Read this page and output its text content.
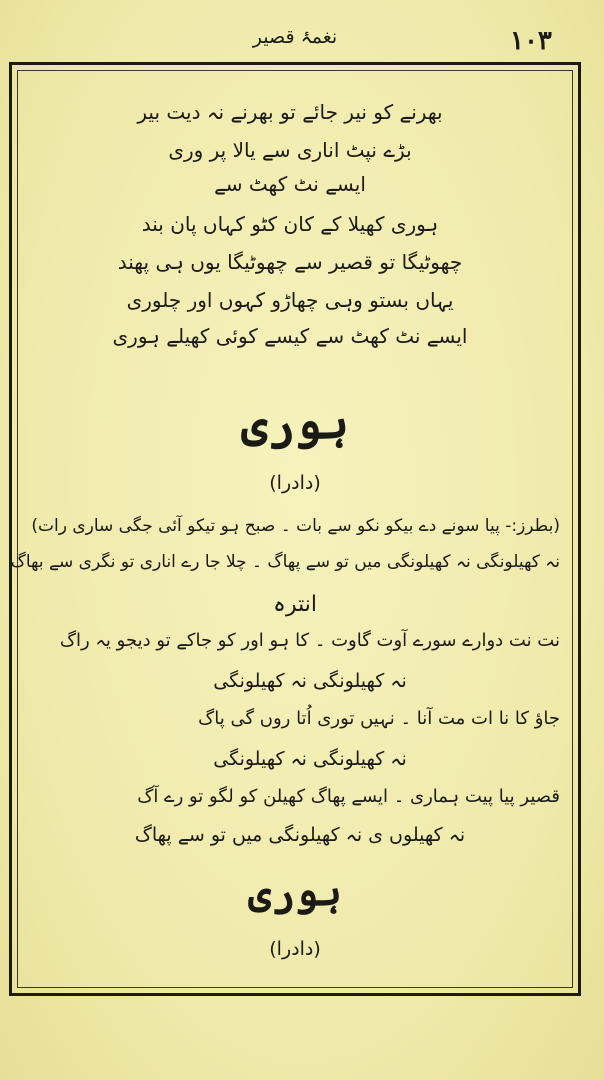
نغمۂ قصیر	١٠٣
بھرنے کو نیر جائے تو بھرنے نہ دیت بیر
بڑے نپٹ اناری سے یالا پر وری
ایسے نٹ کھٹ سے
ہوری کھیلا کے کان کٹو کہاں پان بند
چھوٹیگا تو قصیر سے چھوٹیگا یوں ہی پھند
یہاں بستو وہی چھاڑو کہوں اور چلوری
ایسے نٹ کھٹ سے کیسے کوئی کھیلے ہوری
ہوری
(دادرا)
(بطرز:- پیا سونے دے بیکو نکو سے بات ۔ صبح ہو تیکو آئی جگی ساری رات)
نہ کھیلونگی نہ کھیلونگی میں تو سے پھاگ ۔ چلا جا رے اناری تو نگری سے بھاگ
انترہ
نت نت دوارے سورے آوت گاوت ۔ کا ہو اور کو جاکے تو دیجو یہ راگ
نہ کھیلونگی نہ کھیلونگی
جاؤ کا نا ات مت آنا ۔ نہیں توری اُتا روں گی پاگ
نہ کھیلونگی نہ کھیلونگی
قصیر پیا پیت ہماری ۔ ایسے پھاگ کھیلن کو لگو تو رے آگ
نہ کھیلوں ی نہ کھیلونگی میں تو سے پھاگ
ہوری
(دادرا)
